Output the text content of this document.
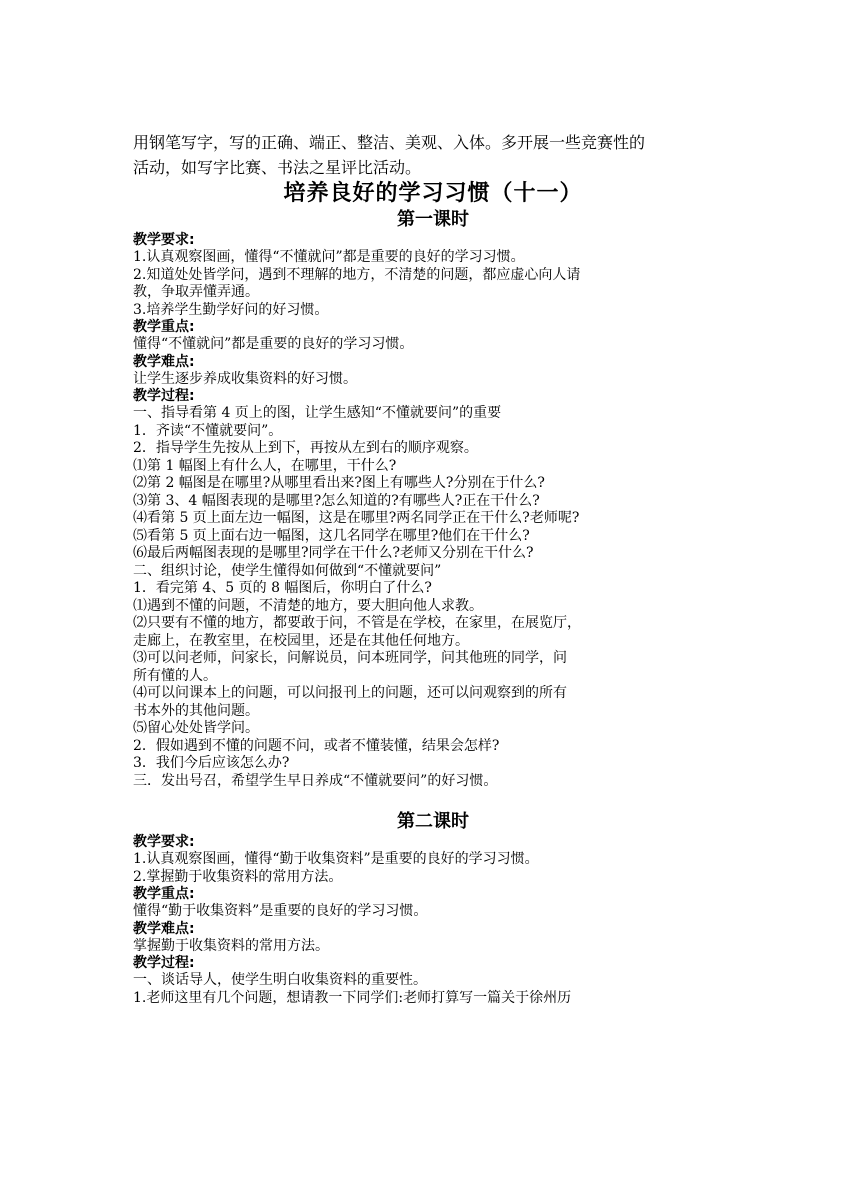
用钢笔写字，写的正确、端正、整洁、美观、入体。多开展一些竞赛性的

活动，如写字比赛、书法之星评比活动。

培养良好的学习习惯（十一）
第一课时
教学要求:

1.认真观察图画，懂得“不懂就问”都是重要的良好的学习习惯。

2.知道处处皆学问，遇到不理解的地方，不清楚的问题，都应虚心向人请

教，争取弄懂弄通。

3.培养学生勤学好问的好习惯。

教学重点:

懂得“不懂就问”都是重要的良好的学习习惯。

教学难点:

让学生逐步养成收集资料的好习惯。

教学过程:

一、指导看第 4 页上的图，让学生感知“不懂就要问”的重要

1．齐读“不懂就要问”。

2．指导学生先按从上到下，再按从左到右的顺序观察。

⑴第 1 幅图上有什么人，在哪里，干什么?

⑵第 2 幅图是在哪里?从哪里看出来?图上有哪些人?分别在于什么?

⑶第 3、4 幅图表现的是哪里?怎么知道的?有哪些人?正在干什么?

⑷看第 5 页上面左边一幅图，这是在哪里?两名同学正在干什么?老师呢?

⑸看第 5 页上面右边一幅图，这几名同学在哪里?他们在干什么?

⑹最后两幅图表现的是哪里?同学在干什么?老师又分别在干什么?

二、组织讨论，使学生懂得如何做到“不懂就要问”

1．看完第 4、5 页的 8 幅图后，你明白了什么?

⑴遇到不懂的问题，不清楚的地方，要大胆向他人求教。

⑵只要有不懂的地方，都要敢于问，不管是在学校，在家里，在展览厅，

走廊上，在教室里，在校园里，还是在其他任何地方。

⑶可以问老师，问家长，问解说员，问本班同学，问其他班的同学，问

所有懂的人。

⑷可以问课本上的问题，可以问报刊上的问题，还可以问观察到的所有

书本外的其他问题。

⑸留心处处皆学问。

2．假如遇到不懂的问题不问，或者不懂装懂，结果会怎样?

3．我们今后应该怎么办?

三．发出号召，希望学生早日养成“不懂就要问”的好习惯。

第二课时
教学要求:

1.认真观察图画，懂得“勤于收集资料”是重要的良好的学习习惯。

2.掌握勤于收集资料的常用方法。

教学重点:

懂得“勤于收集资料”是重要的良好的学习习惯。

教学难点:

掌握勤于收集资料的常用方法。

教学过程:

一、谈话导人，使学生明白收集资料的重要性。

1.老师这里有几个问题，想请教一下同学们:老师打算写一篇关于徐州历
